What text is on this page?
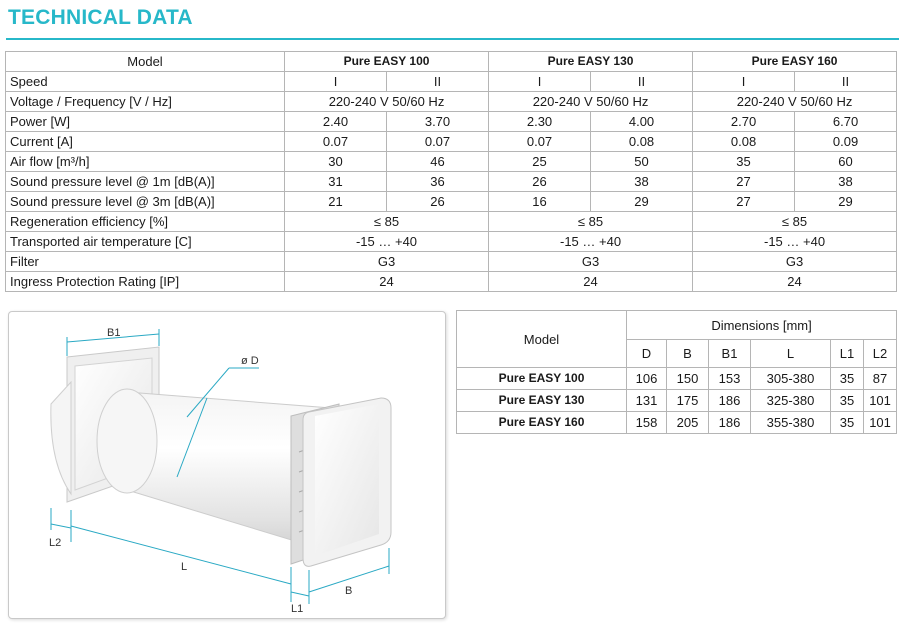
TECHNICAL DATA
Model	Pure EASY 100		Pure EASY 130		Pure EASY 160	
Speed	I	II	I	II	I	II
Voltage / Frequency [V / Hz]	220-240 V 50/60 Hz		220-240 V 50/60 Hz		220-240 V 50/60 Hz	
Power [W]	2.40	3.70	2.30	4.00	2.70	6.70
Current [A]	0.07	0.07	0.07	0.08	0.08	0.09
Air flow [m³/h]	30	46	25	50	35	60
Sound pressure level @ 1m [dB(A)]	31	36	26	38	27	38
Sound pressure level @ 3m [dB(A)]	21	26	16	29	27	29
Regeneration efficiency [%]	≤ 85		≤ 85		≤ 85	
Transported air temperature [C]	-15 … +40		-15 … +40		-15 … +40	
Filter	G3		G3		G3	
Ingress Protection Rating [IP]	24		24		24	
B1
ø D
L2
L
L1
B
Model	Dimensions [mm]					
	D	B	B1	L	L1	L2
Pure EASY 100	106	150	153	305-380	35	87
Pure EASY 130	131	175	186	325-380	35	101
Pure EASY 160	158	205	186	355-380	35	101
